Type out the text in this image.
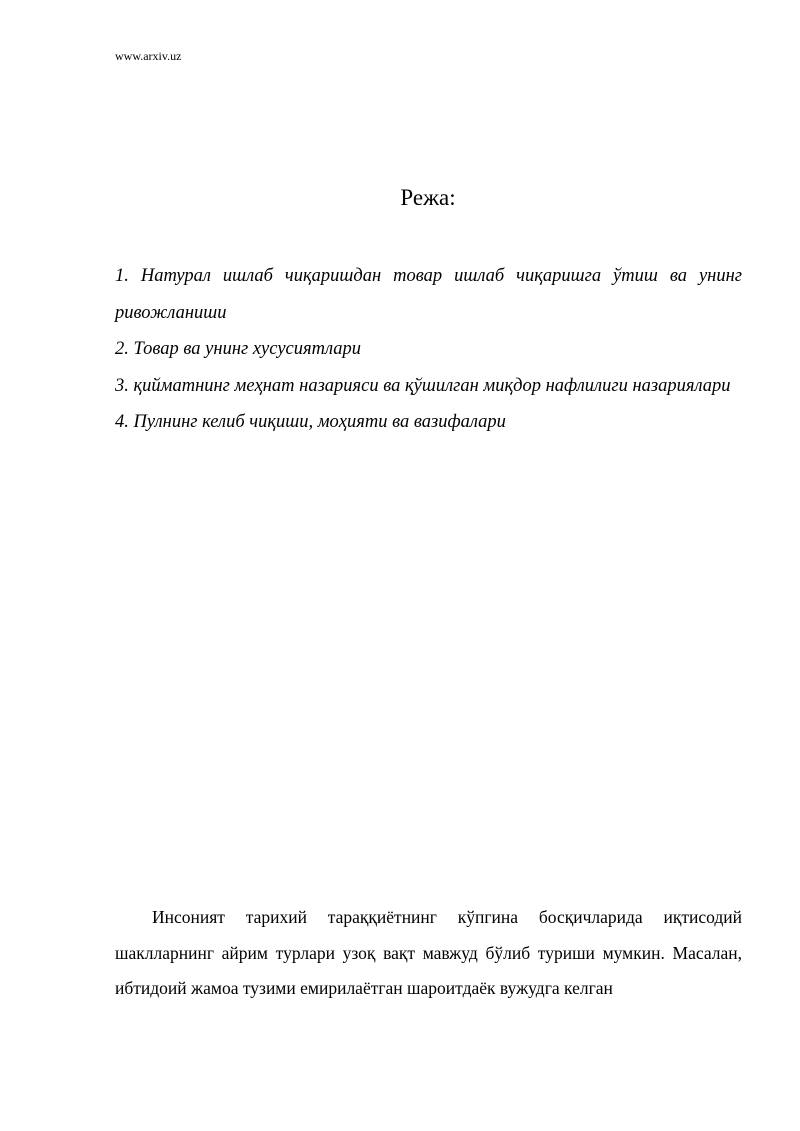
www.arxiv.uz
Режа:
1. Натурал ишлаб чиқаришдан товар ишлаб чиқаришга ўтиш ва унинг ривожланиши
2. Товар ва унинг хусусиятлари
3. қийматнинг меҳнат назарияси ва қўшилган миқдор нафлилиги назариялари
4. Пулнинг келиб чиқиши, моҳияти ва вазифалари

Инсоният тарихий тараққиётнинг кўпгина босқичларида иқтисодий шаклларнинг айрим турлари узоқ вақт мавжуд бўлиб туриши мумкин. Масалан, ибтидоий жамоа тузими емирилаётган шароитдаёк вужудга келган
